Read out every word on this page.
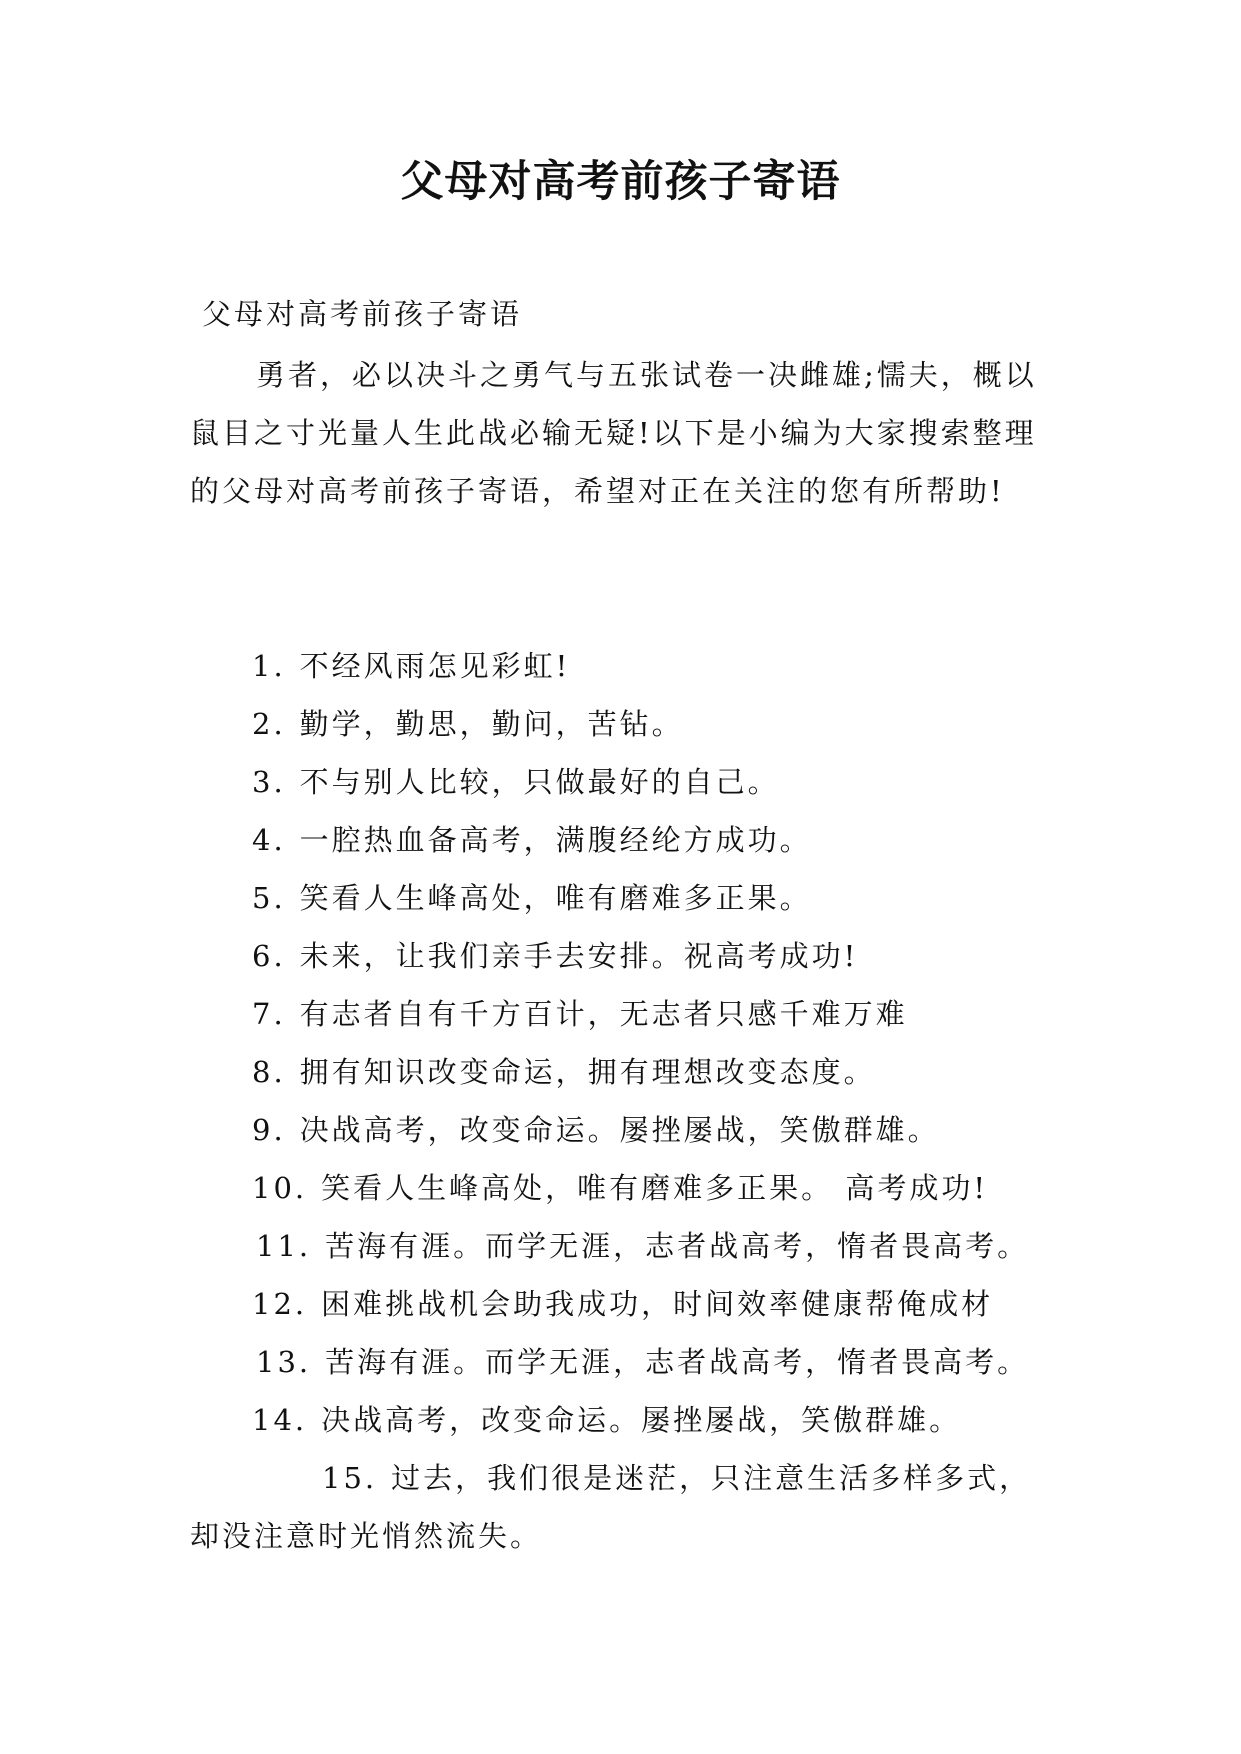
父母对高考前孩子寄语
父母对高考前孩子寄语

勇者，必以决斗之勇气与五张试卷一决雌雄;懦夫，概以鼠目之寸光量人生此战必输无疑!以下是小编为大家搜索整理的父母对高考前孩子寄语，希望对正在关注的您有所帮助!

1. 不经风雨怎见彩虹!
2. 勤学，勤思，勤问，苦钻。
3. 不与别人比较，只做最好的自己。
4. 一腔热血备高考，满腹经纶方成功。
5. 笑看人生峰高处，唯有磨难多正果。
6. 未来，让我们亲手去安排。祝高考成功!
7. 有志者自有千方百计，无志者只感千难万难
8. 拥有知识改变命运，拥有理想改变态度。
9. 决战高考，改变命运。屡挫屡战，笑傲群雄。
10. 笑看人生峰高处，唯有磨难多正果。 高考成功!
11. 苦海有涯。而学无涯，志者战高考，惰者畏高考。
12. 困难挑战机会助我成功，时间效率健康帮俺成材
13. 苦海有涯。而学无涯，志者战高考，惰者畏高考。
14. 决战高考，改变命运。屡挫屡战，笑傲群雄。
15. 过去，我们很是迷茫，只注意生活多样多式，却没注意时光悄然流失。
